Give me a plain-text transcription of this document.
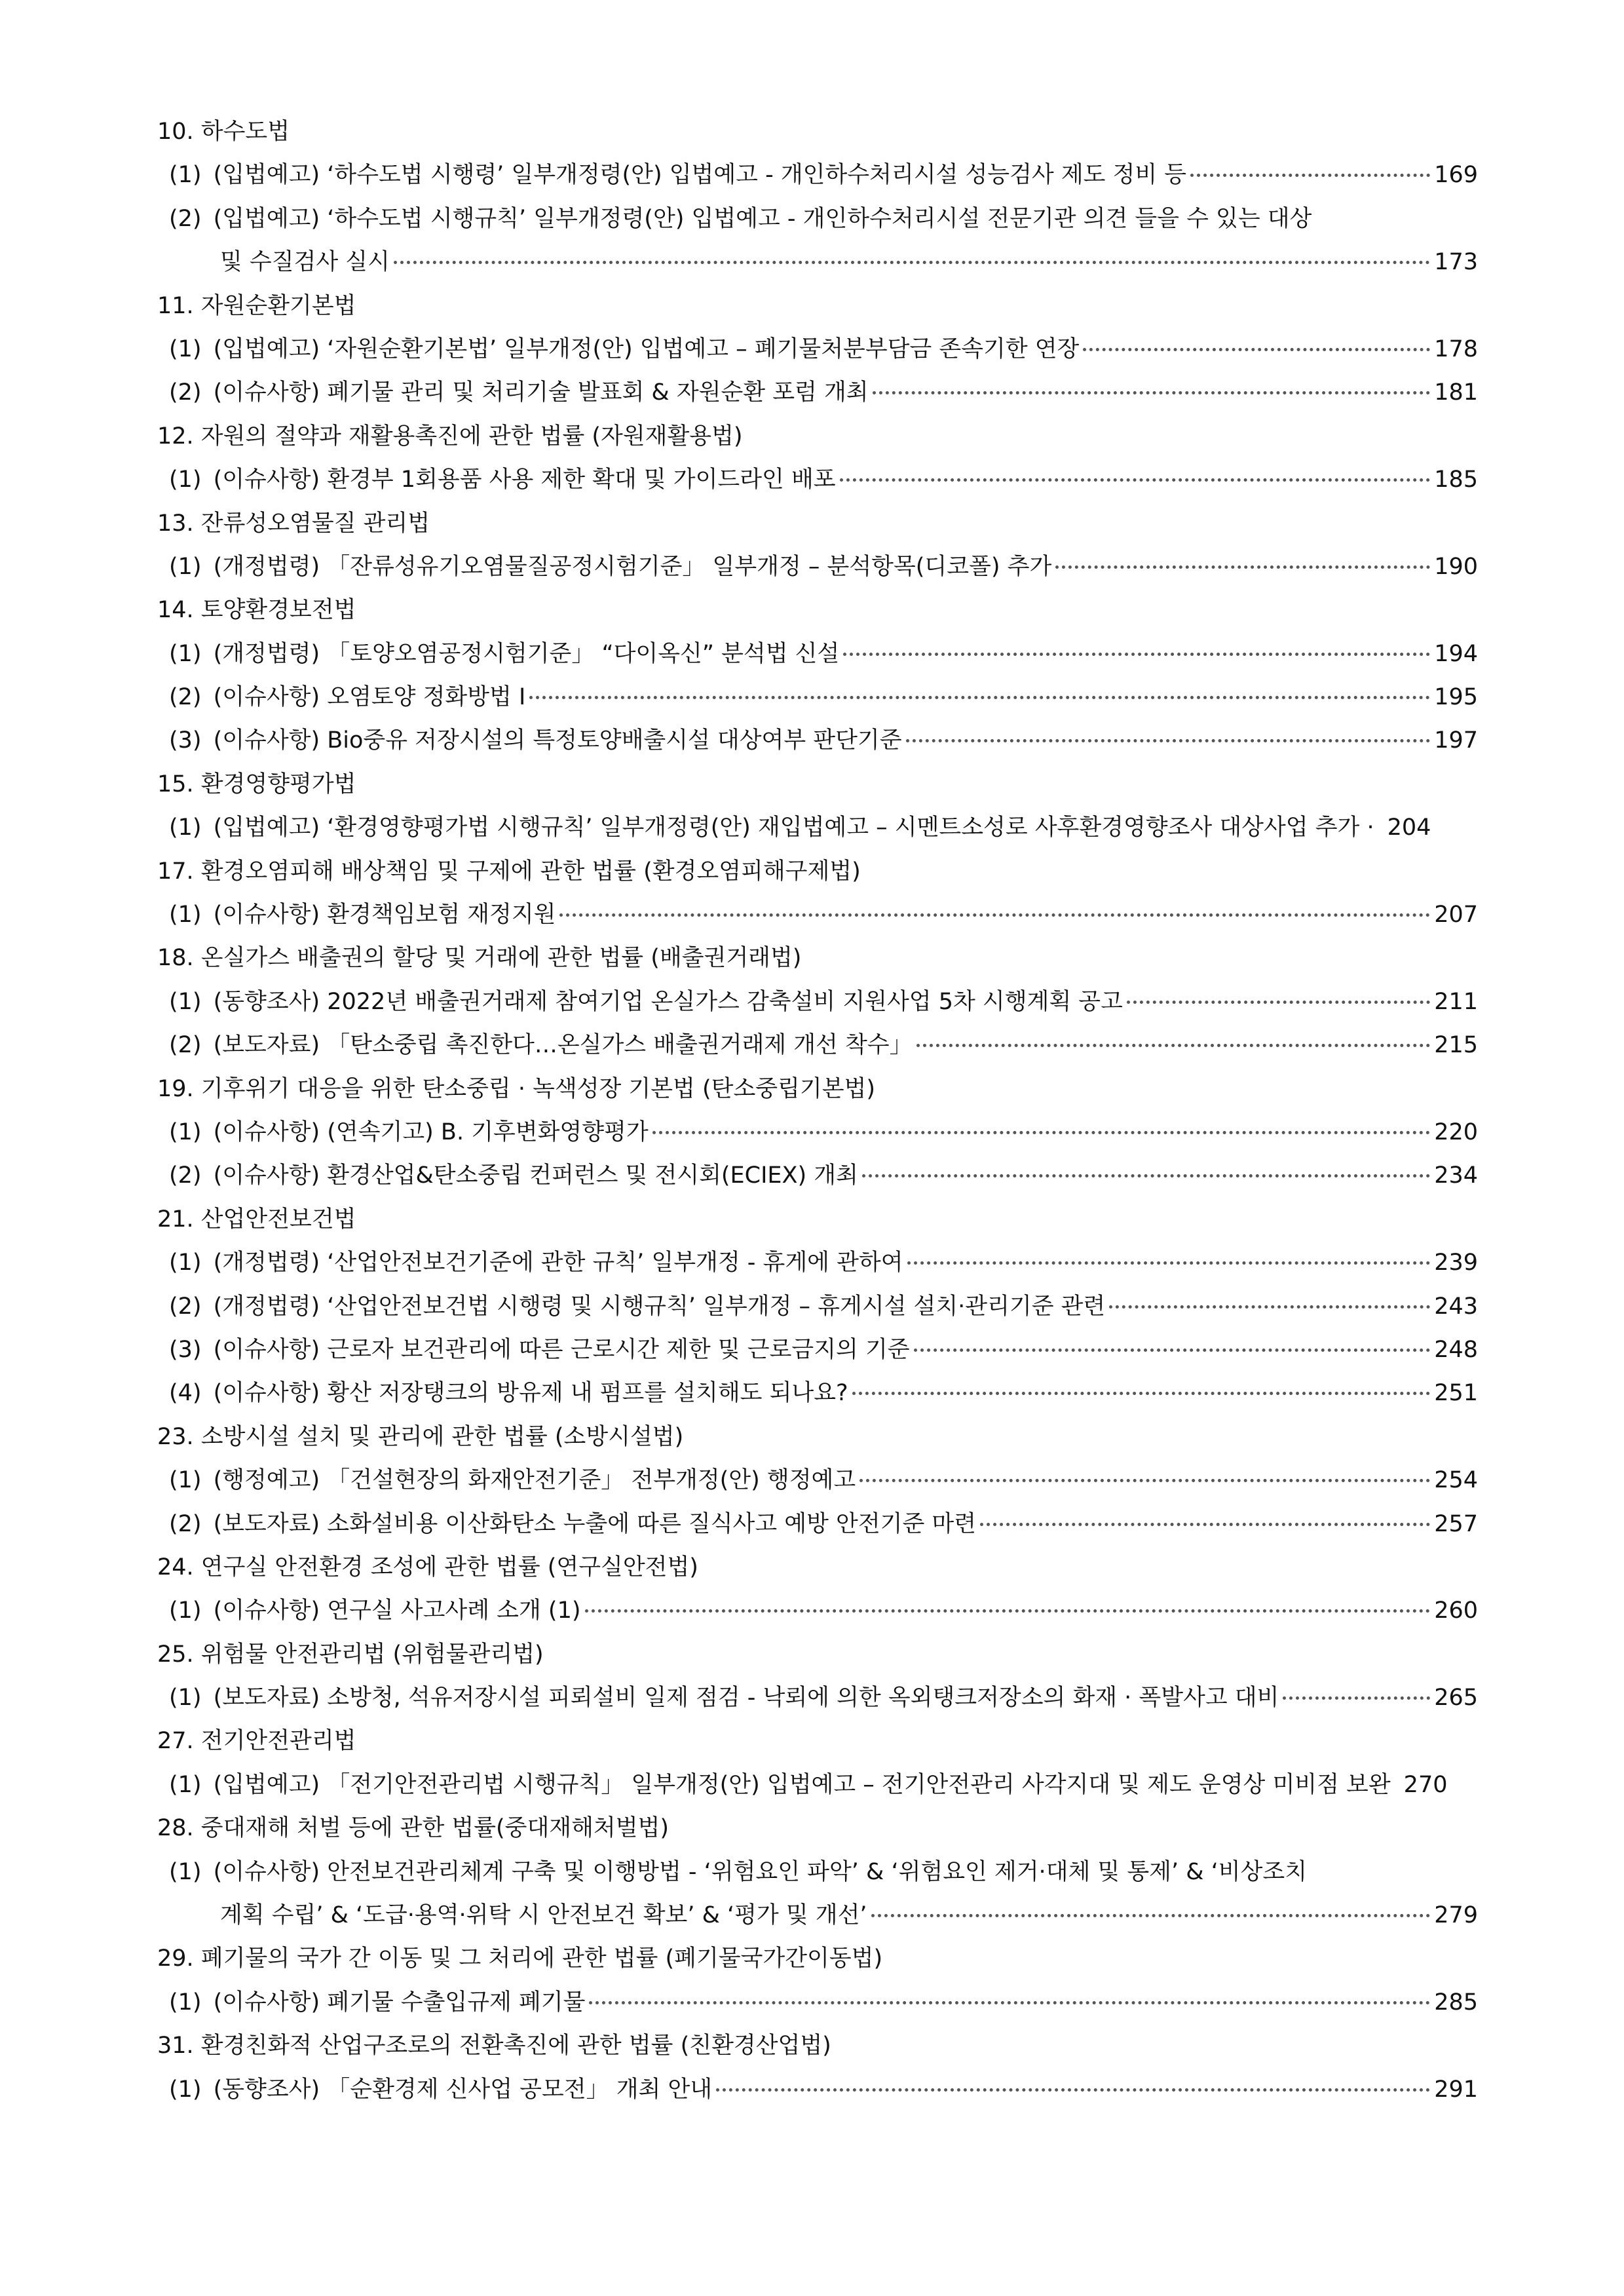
10. 하수도법
(1) (입법예고) ‘하수도법 시행령’ 일부개정령(안) 입법예고 - 개인하수처리시설 성능검사 제도 정비 등	169
(2) (입법예고) ‘하수도법 시행규칙’ 일부개정령(안) 입법예고 - 개인하수처리시설 전문기관 의견 들을 수 있는 대상
및 수질검사 실시	173
11. 자원순환기본법
(1) (입법예고) ‘자원순환기본법’ 일부개정(안) 입법예고 – 폐기물처분부담금 존속기한 연장	178
(2) (이슈사항) 폐기물 관리 및 처리기술 발표회 & 자원순환 포럼 개최	181
12. 자원의 절약과 재활용촉진에 관한 법률 (자원재활용법)
(1) (이슈사항) 환경부 1회용품 사용 제한 확대 및 가이드라인 배포	185
13. 잔류성오염물질 관리법
(1) (개정법령) 「잔류성유기오염물질공정시험기준」 일부개정 – 분석항목(디코폴) 추가	190
14. 토양환경보전법
(1) (개정법령) 「토양오염공정시험기준」 “다이옥신” 분석법 신설	194
(2) (이슈사항) 오염토양 정화방법 I	195
(3) (이슈사항) Bio중유 저장시설의 특정토양배출시설 대상여부 판단기준	197
15. 환경영향평가법
(1) (입법예고) ‘환경영향평가법 시행규칙’ 일부개정령(안) 재입법예고 – 시멘트소성로 사후환경영향조사 대상사업 추가 · 204
17. 환경오염피해 배상책임 및 구제에 관한 법률 (환경오염피해구제법)
(1) (이슈사항) 환경책임보험 재정지원	207
18. 온실가스 배출권의 할당 및 거래에 관한 법률 (배출권거래법)
(1) (동향조사) 2022년 배출권거래제 참여기업 온실가스 감축설비 지원사업 5차 시행계획 공고	211
(2) (보도자료) 「탄소중립 촉진한다…온실가스 배출권거래제 개선 착수」	215
19. 기후위기 대응을 위한 탄소중립 · 녹색성장 기본법 (탄소중립기본법)
(1) (이슈사항) (연속기고) B. 기후변화영향평가	220
(2) (이슈사항) 환경산업&탄소중립 컨퍼런스 및 전시회(ECIEX) 개최	234
21. 산업안전보건법
(1) (개정법령) ‘산업안전보건기준에 관한 규칙’ 일부개정 - 휴게에 관하여	239
(2) (개정법령) ‘산업안전보건법 시행령 및 시행규칙’ 일부개정 – 휴게시설 설치·관리기준 관련	243
(3) (이슈사항) 근로자 보건관리에 따른 근로시간 제한 및 근로금지의 기준	248
(4) (이슈사항) 황산 저장탱크의 방유제 내 펌프를 설치해도 되나요?	251
23. 소방시설 설치 및 관리에 관한 법률 (소방시설법)
(1) (행정예고) 「건설현장의 화재안전기준」 전부개정(안) 행정예고	254
(2) (보도자료) 소화설비용 이산화탄소 누출에 따른 질식사고 예방 안전기준 마련	257
24. 연구실 안전환경 조성에 관한 법률 (연구실안전법)
(1) (이슈사항) 연구실 사고사례 소개 (1)	260
25. 위험물 안전관리법 (위험물관리법)
(1) (보도자료) 소방청, 석유저장시설 피뢰설비 일제 점검 - 낙뢰에 의한 옥외탱크저장소의 화재 · 폭발사고 대비	265
27. 전기안전관리법
(1) (입법예고) 「전기안전관리법 시행규칙」 일부개정(안) 입법예고 – 전기안전관리 사각지대 및 제도 운영상 미비점 보완 270
28. 중대재해 처벌 등에 관한 법률(중대재해처벌법)
(1) (이슈사항) 안전보건관리체계 구축 및 이행방법 - ‘위험요인 파악’ & ‘위험요인 제거·대체 및 통제’ & ‘비상조치
계획 수립’ & ‘도급·용역·위탁 시 안전보건 확보’ & ‘평가 및 개선’	279
29. 폐기물의 국가 간 이동 및 그 처리에 관한 법률 (폐기물국가간이동법)
(1) (이슈사항) 폐기물 수출입규제 폐기물	285
31. 환경친화적 산업구조로의 전환촉진에 관한 법률 (친환경산업법)
(1) (동향조사) 「순환경제 신사업 공모전」 개최 안내	291
